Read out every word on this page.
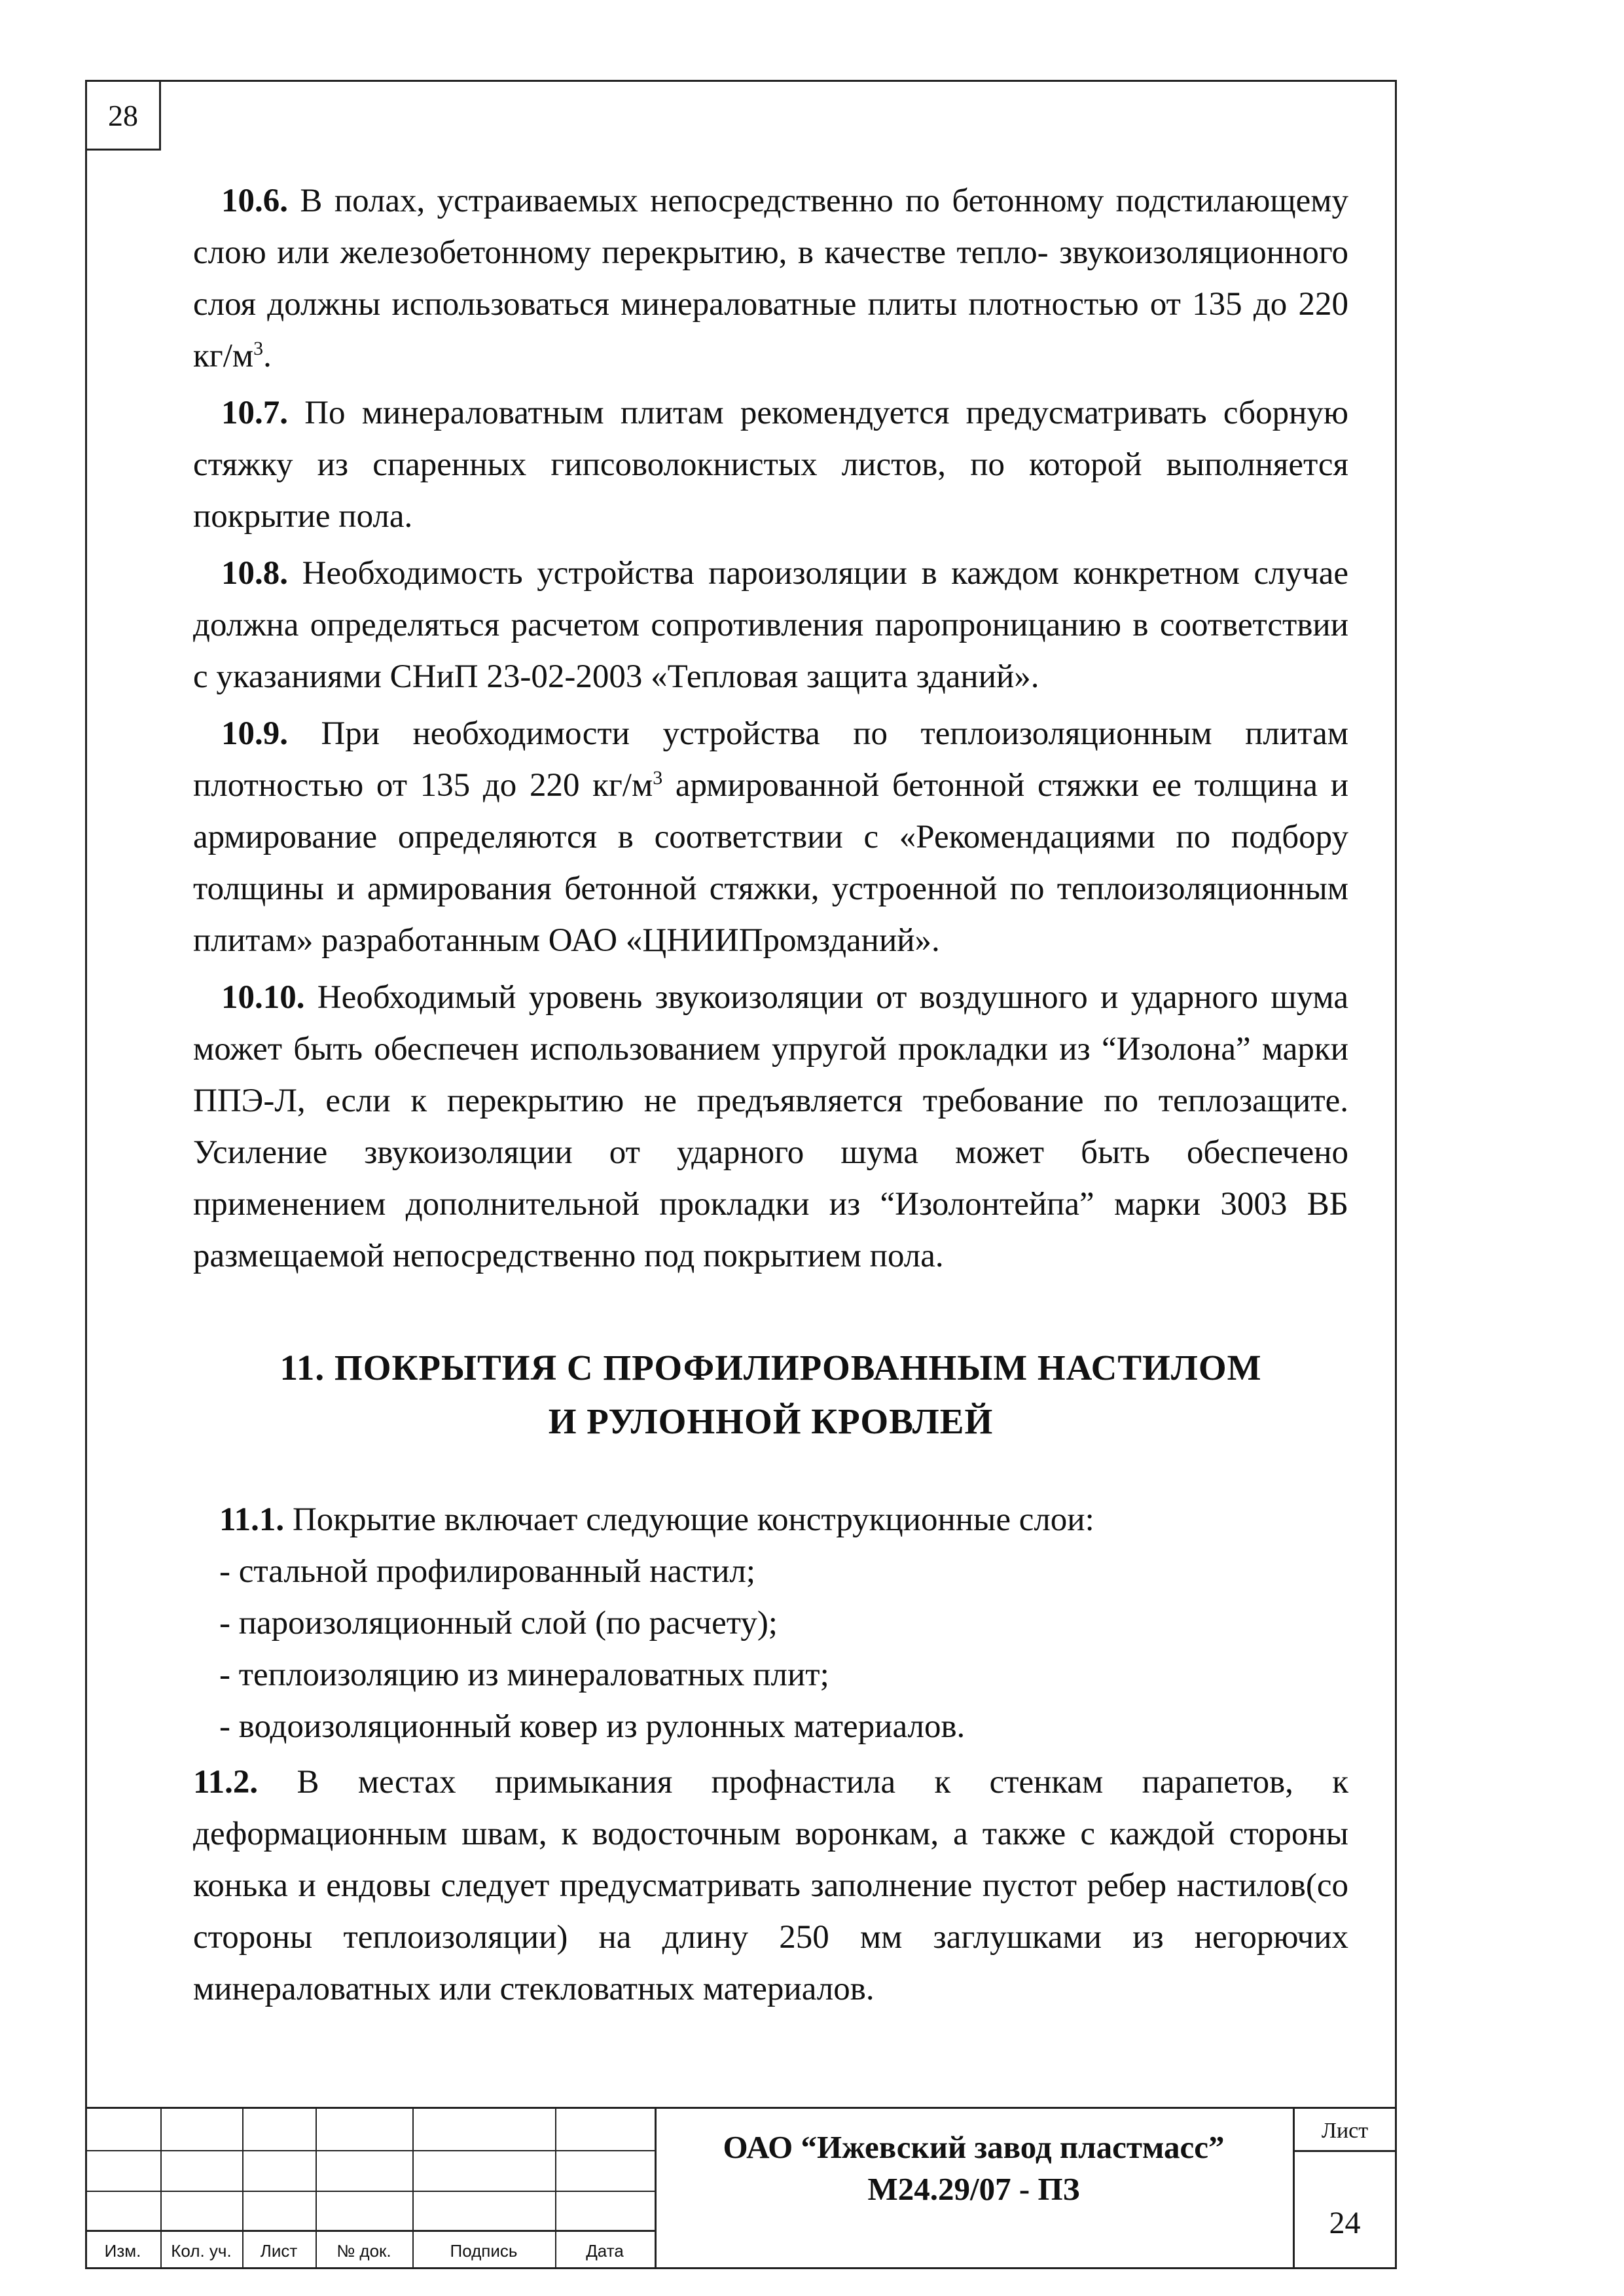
28

10.6. В полах, устраиваемых непосредственно по бетонному подстилающему слою или железобетонному перекрытию, в качестве тепло- звукоизоляционного слоя должны использоваться минераловатные плиты плотностью от 135 до 220 $кг/м^3$.

10.7. По минераловатным плитам рекомендуется предусматривать сборную стяжку из спаренных гипсоволокнистых листов, по которой выполняется покрытие пола.

10.8. Необходимость устройства пароизоляции в каждом конкретном случае должна определяться расчетом сопротивления паропроницанию в соответствии с указаниями СНиП 23-02-2003 «Тепловая защита зданий».

10.9. При необходимости устройства по теплоизоляционным плитам плотностью от 135 до 220 $кг/м^3$ армированной бетонной стяжки ее толщина и армирование определяются в соответствии с «Рекомендациями по подбору толщины и армирования бетонной стяжки, устроенной по теплоизоляционным плитам» разработанным ОАО «ЦНИИПромзданий».

10.10. Необходимый уровень звукоизоляции от воздушного и ударного шума может быть обеспечен использованием упругой прокладки из “Изолона” марки ППЭ-Л, если к перекрытию не предъявляется требование по теплозащите. Усиление звукоизоляции от ударного шума может быть обеспечено применением дополнительной прокладки из “Изолонтейпа” марки 3003 ВБ размещаемой непосредственно под покрытием пола.

11. ПОКРЫТИЯ С ПРОФИЛИРОВАННЫМ НАСТИЛОМ
И РУЛОННОЙ КРОВЛЕЙ

11.1. Покрытие включает следующие конструкционные слои:

- стальной профилированный настил;

- пароизоляционный слой (по расчету);

- теплоизоляцию из минераловатных плит;

- водоизоляционный ковер из рулонных материалов.

11.2. В местах примыкания профнастила к стенкам парапетов, к деформационным швам, к водосточным воронкам, а также с каждой стороны конька и ендовы следует предусматривать заполнение пустот ребер настилов(со стороны теплоизоляции) на длину 250 мм заглушками из негорючих минераловатных или стекловатных материалов.

Изм.	Кол. уч.	Лист	№ док.	Подпись	Дата
ОАО “Ижевский завод пластмасс”
М24.29/07 - ПЗ
Лист
24
